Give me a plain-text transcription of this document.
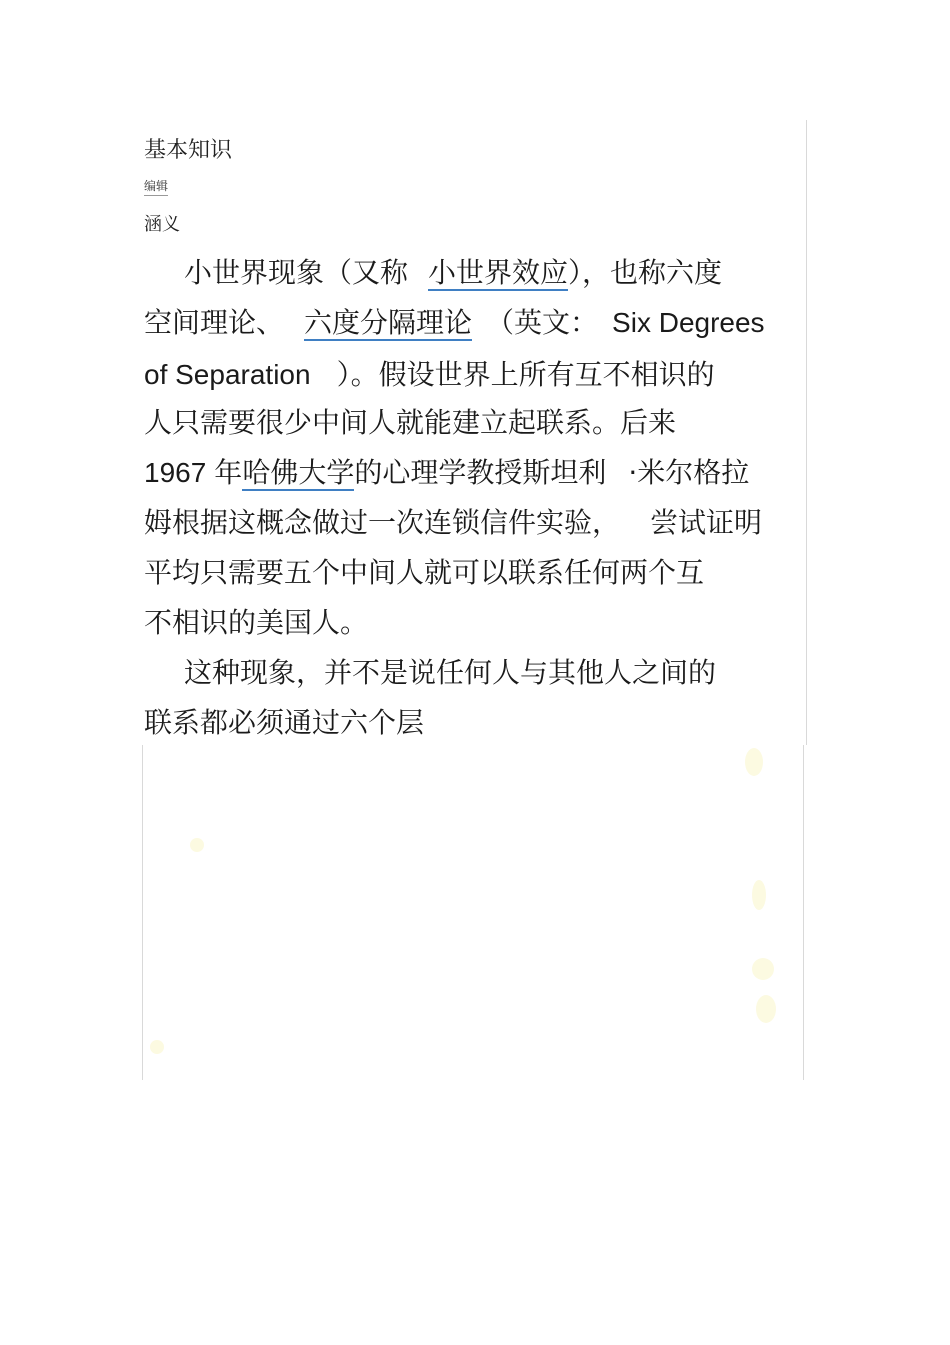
基本知识
编辑
涵义
小世界现象（又称 小世界效应），也称六度
空间理论、 六度分隔理论 （英文： Six Degrees
of Separation ）。假设世界上所有互不相识的
人只需要很少中间人就能建立起联系。后来
1967 年哈佛大学的心理学教授斯坦利 ·米尔格拉
姆根据这概念做过一次连锁信件实验， 尝试证明
平均只需要五个中间人就可以联系任何两个互
不相识的美国人。
这种现象，并不是说任何人与其他人之间的
联系都必须通过六个层
